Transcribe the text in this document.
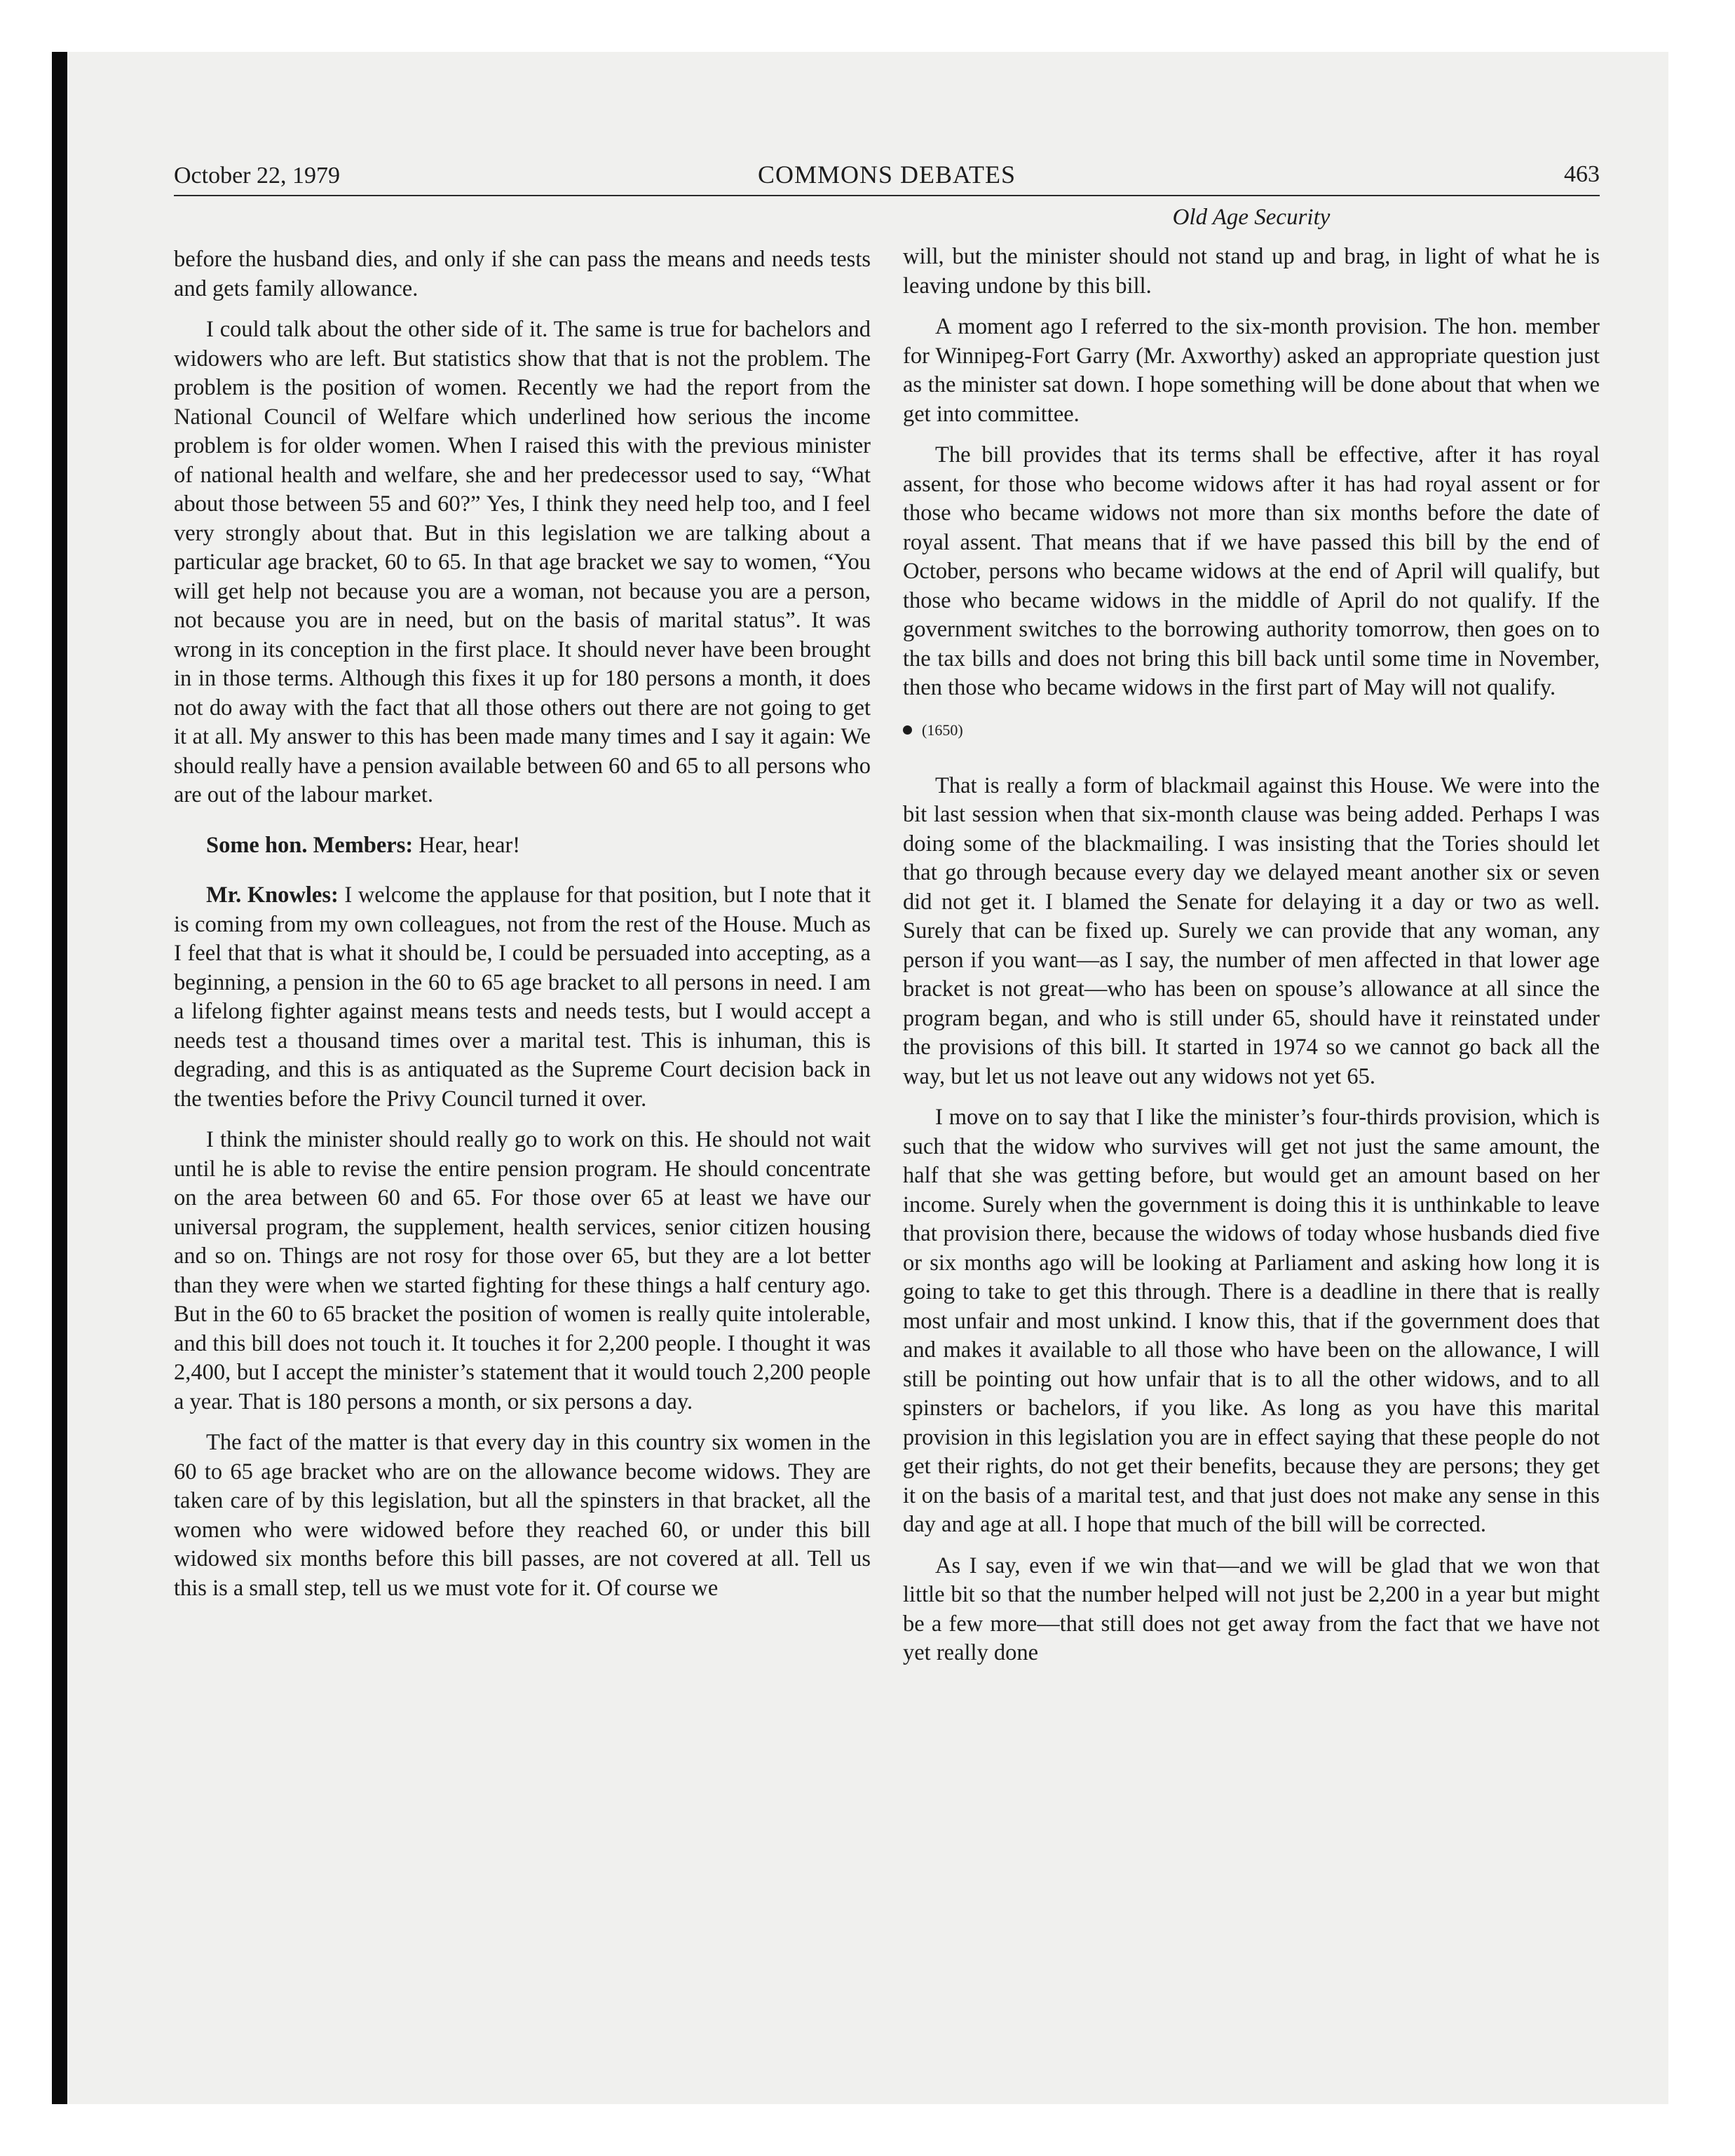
October 22, 1979	COMMONS DEBATES	463
Old Age Security

before the husband dies, and only if she can pass the means and needs tests and gets family allowance.

I could talk about the other side of it. The same is true for bachelors and widowers who are left. But statistics show that that is not the problem. The problem is the position of women. Recently we had the report from the National Council of Welfare which underlined how serious the income problem is for older women. When I raised this with the previous minister of national health and welfare, she and her predecessor used to say, “What about those between 55 and 60?” Yes, I think they need help too, and I feel very strongly about that. But in this legislation we are talking about a particular age bracket, 60 to 65. In that age bracket we say to women, “You will get help not because you are a woman, not because you are a person, not because you are in need, but on the basis of marital status”. It was wrong in its conception in the first place. It should never have been brought in in those terms. Although this fixes it up for 180 persons a month, it does not do away with the fact that all those others out there are not going to get it at all. My answer to this has been made many times and I say it again: We should really have a pension available between 60 and 65 to all persons who are out of the labour market.

Some hon. Members: Hear, hear!

Mr. Knowles: I welcome the applause for that position, but I note that it is coming from my own colleagues, not from the rest of the House. Much as I feel that that is what it should be, I could be persuaded into accepting, as a beginning, a pension in the 60 to 65 age bracket to all persons in need. I am a lifelong fighter against means tests and needs tests, but I would accept a needs test a thousand times over a marital test. This is inhuman, this is degrading, and this is as antiquated as the Supreme Court decision back in the twenties before the Privy Council turned it over.

I think the minister should really go to work on this. He should not wait until he is able to revise the entire pension program. He should concentrate on the area between 60 and 65. For those over 65 at least we have our universal program, the supplement, health services, senior citizen housing and so on. Things are not rosy for those over 65, but they are a lot better than they were when we started fighting for these things a half century ago. But in the 60 to 65 bracket the position of women is really quite intolerable, and this bill does not touch it. It touches it for 2,200 people. I thought it was 2,400, but I accept the minister’s statement that it would touch 2,200 people a year. That is 180 persons a month, or six persons a day.

The fact of the matter is that every day in this country six women in the 60 to 65 age bracket who are on the allowance become widows. They are taken care of by this legislation, but all the spinsters in that bracket, all the women who were widowed before they reached 60, or under this bill widowed six months before this bill passes, are not covered at all. Tell us this is a small step, tell us we must vote for it. Of course we

will, but the minister should not stand up and brag, in light of what he is leaving undone by this bill.

A moment ago I referred to the six-month provision. The hon. member for Winnipeg-Fort Garry (Mr. Axworthy) asked an appropriate question just as the minister sat down. I hope something will be done about that when we get into committee.

The bill provides that its terms shall be effective, after it has royal assent, for those who become widows after it has had royal assent or for those who became widows not more than six months before the date of royal assent. That means that if we have passed this bill by the end of October, persons who became widows at the end of April will qualify, but those who became widows in the middle of April do not qualify. If the government switches to the borrowing authority tomorrow, then goes on to the tax bills and does not bring this bill back until some time in November, then those who became widows in the first part of May will not qualify.

(1650)

That is really a form of blackmail against this House. We were into the bit last session when that six-month clause was being added. Perhaps I was doing some of the blackmailing. I was insisting that the Tories should let that go through because every day we delayed meant another six or seven did not get it. I blamed the Senate for delaying it a day or two as well. Surely that can be fixed up. Surely we can provide that any woman, any person if you want—as I say, the number of men affected in that lower age bracket is not great—who has been on spouse’s allowance at all since the program began, and who is still under 65, should have it reinstated under the provisions of this bill. It started in 1974 so we cannot go back all the way, but let us not leave out any widows not yet 65.

I move on to say that I like the minister’s four-thirds provision, which is such that the widow who survives will get not just the same amount, the half that she was getting before, but would get an amount based on her income. Surely when the government is doing this it is unthinkable to leave that provision there, because the widows of today whose husbands died five or six months ago will be looking at Parliament and asking how long it is going to take to get this through. There is a deadline in there that is really most unfair and most unkind. I know this, that if the government does that and makes it available to all those who have been on the allowance, I will still be pointing out how unfair that is to all the other widows, and to all spinsters or bachelors, if you like. As long as you have this marital provision in this legislation you are in effect saying that these people do not get their rights, do not get their benefits, because they are persons; they get it on the basis of a marital test, and that just does not make any sense in this day and age at all. I hope that much of the bill will be corrected.

As I say, even if we win that—and we will be glad that we won that little bit so that the number helped will not just be 2,200 in a year but might be a few more—that still does not get away from the fact that we have not yet really done
